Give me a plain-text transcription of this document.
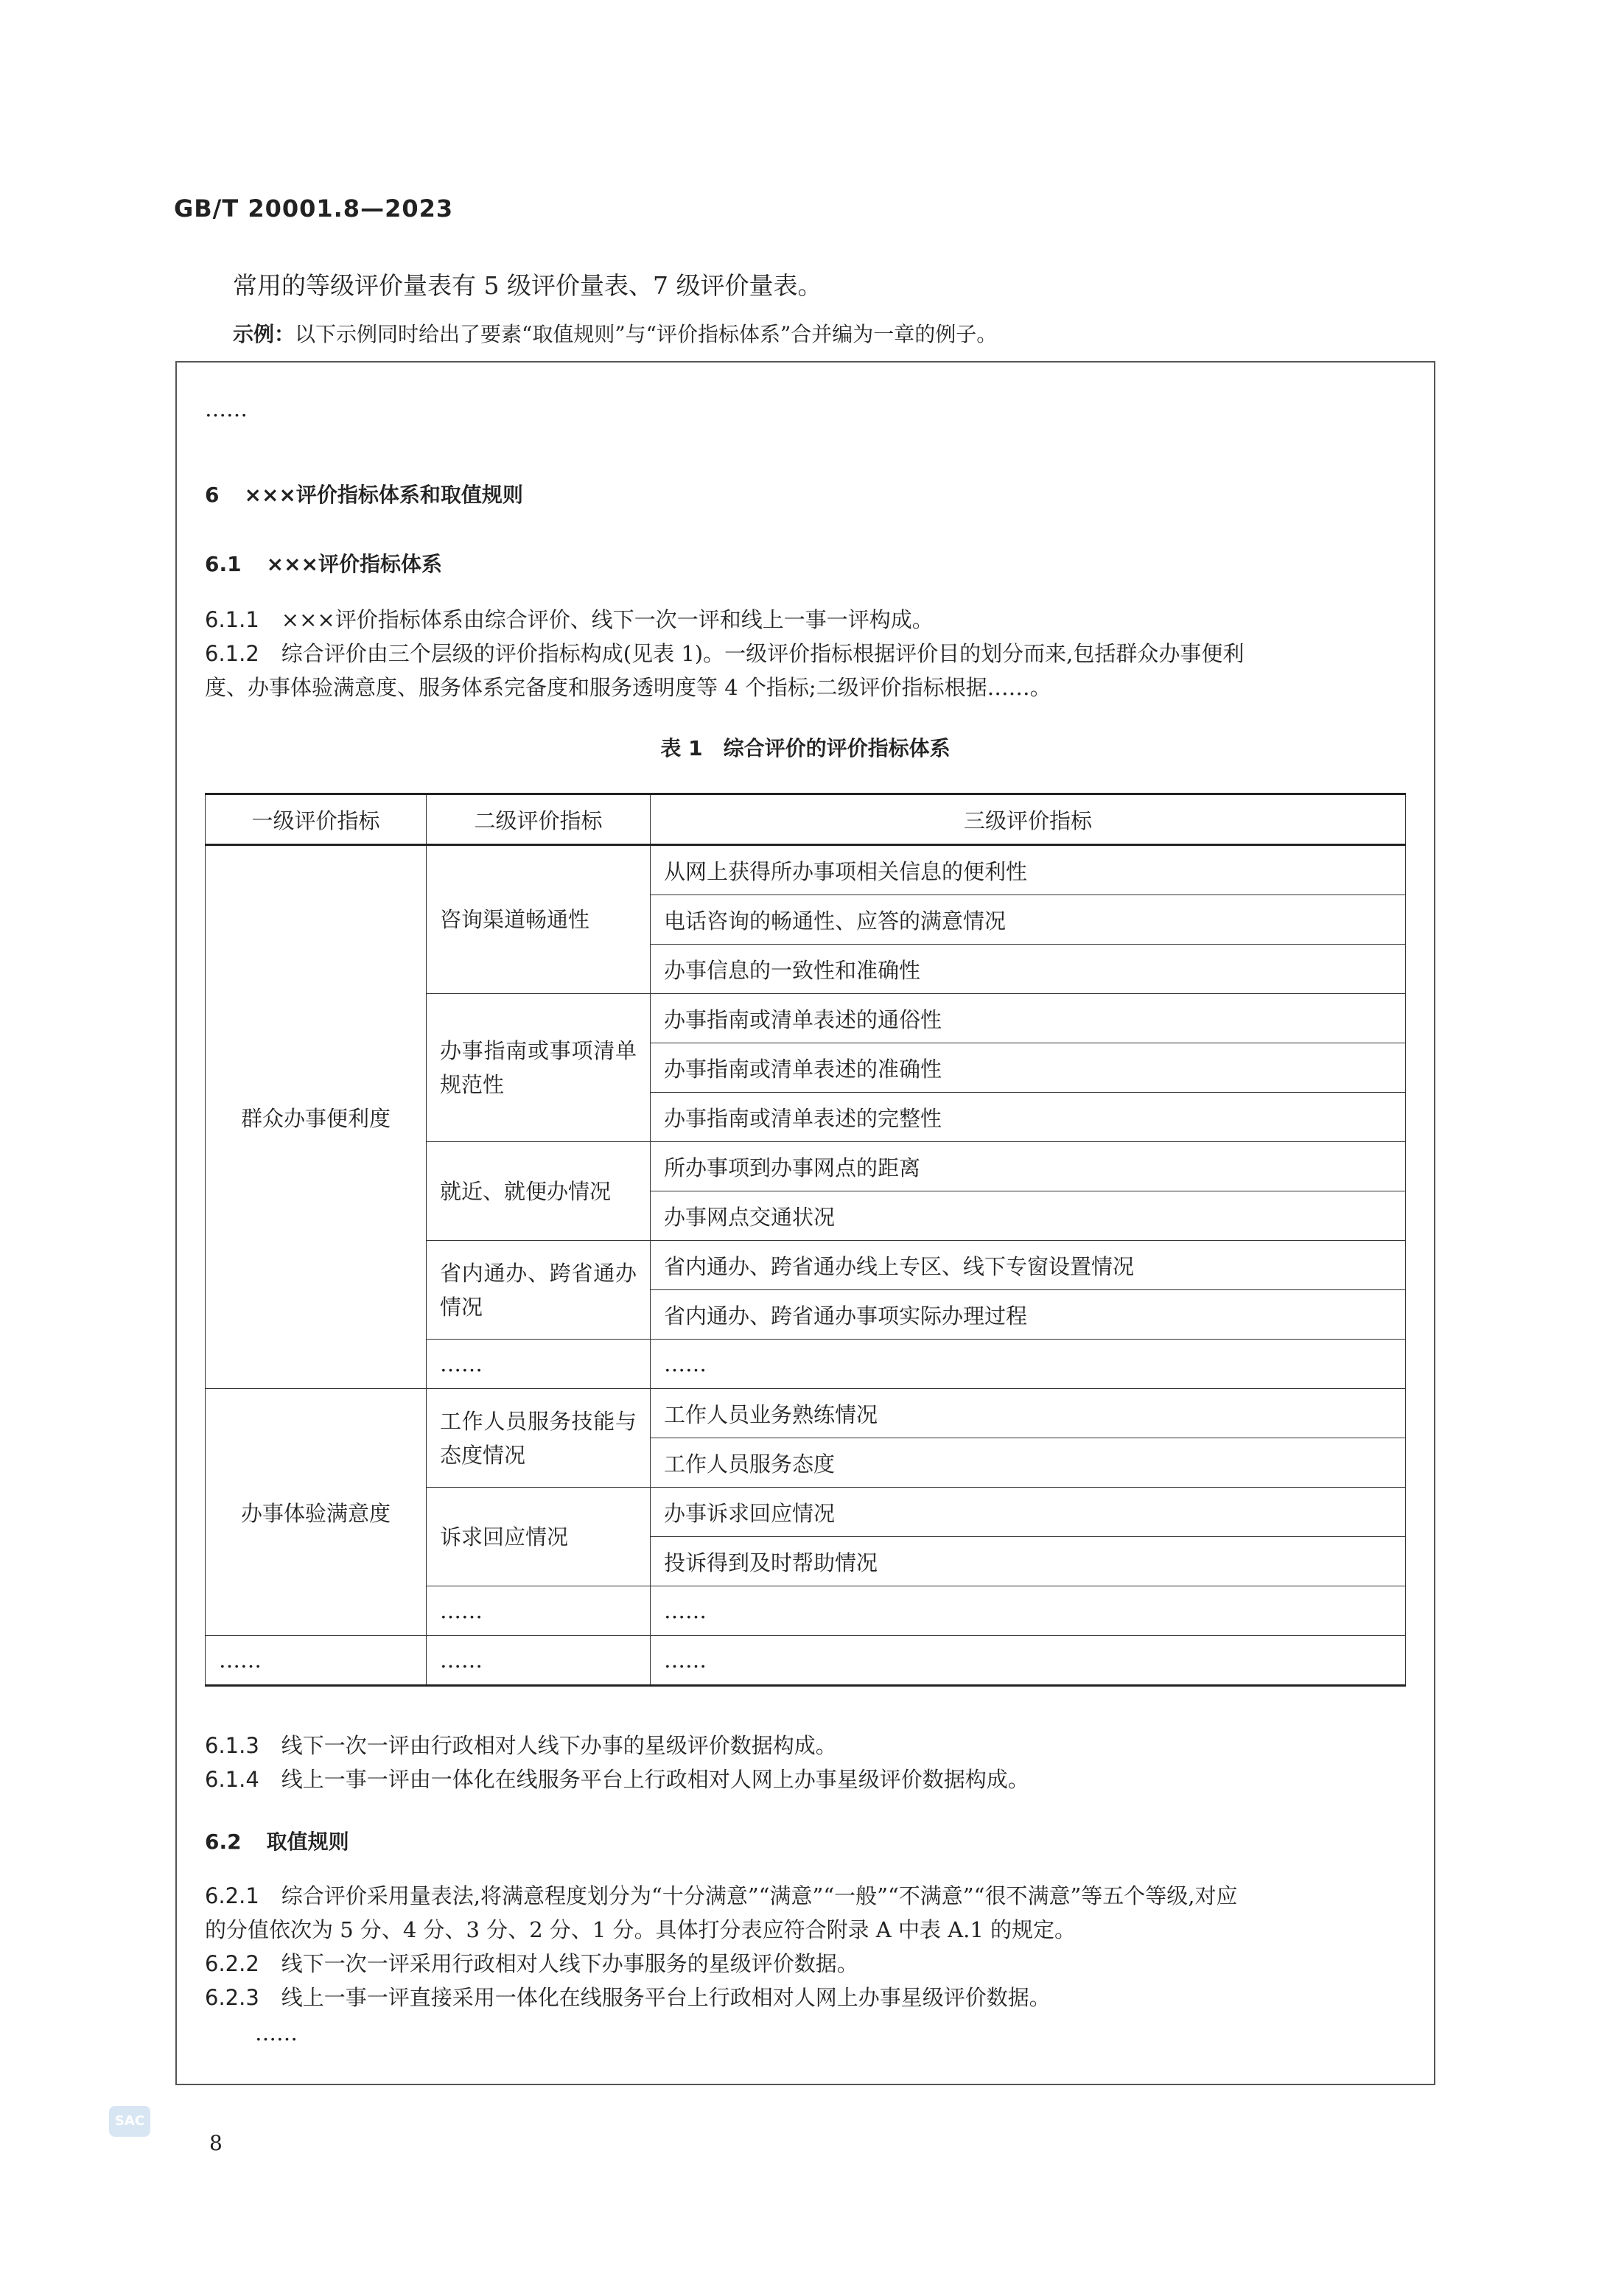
GB/T 20001.8—2023
常用的等级评价量表有 5 级评价量表、7 级评价量表。
示例：以下示例同时给出了要素“取值规则”与“评价指标体系”合并编为一章的例子。
……
6 ×××评价指标体系和取值规则
6.1 ×××评价指标体系
6.1.1 ×××评价指标体系由综合评价、线下一次一评和线上一事一评构成。
6.1.2 综合评价由三个层级的评价指标构成(见表 1)。一级评价指标根据评价目的划分而来,包括群众办事便利
度、办事体验满意度、服务体系完备度和服务透明度等 4 个指标;二级评价指标根据……。
表 1　综合评价的评价指标体系
一级评价指标	二级评价指标	三级评价指标
群众办事便利度	咨询渠道畅通性	从网上获得所办事项相关信息的便利性
		电话咨询的畅通性、应答的满意情况
		办事信息的一致性和准确性
	办事指南或事项清单规范性	办事指南或清单表述的通俗性
		办事指南或清单表述的准确性
		办事指南或清单表述的完整性
	就近、就便办情况	所办事项到办事网点的距离
		办事网点交通状况
	省内通办、跨省通办情况	省内通办、跨省通办线上专区、线下专窗设置情况
		省内通办、跨省通办事项实际办理过程
	……	……
办事体验满意度	工作人员服务技能与态度情况	工作人员业务熟练情况
		工作人员服务态度
	诉求回应情况	办事诉求回应情况
		投诉得到及时帮助情况
	……	……
……	……	……
6.1.3 线下一次一评由行政相对人线下办事的星级评价数据构成。
6.1.4 线上一事一评由一体化在线服务平台上行政相对人网上办事星级评价数据构成。
6.2 取值规则
6.2.1 综合评价采用量表法,将满意程度划分为“十分满意”“满意”“一般”“不满意”“很不满意”等五个等级,对应
的分值依次为 5 分、4 分、3 分、2 分、1 分。具体打分表应符合附录 A 中表 A.1 的规定。
6.2.2 线下一次一评采用行政相对人线下办事服务的星级评价数据。
6.2.3 线上一事一评直接采用一体化在线服务平台上行政相对人网上办事星级评价数据。
……
SAC
8
